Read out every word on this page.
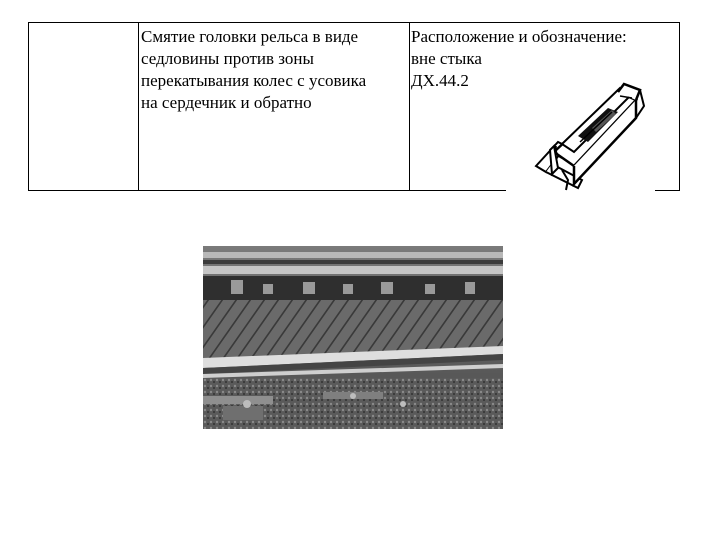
Смятие головки рельса в виде
седловины против зоны
перекатывания колес с усовика
на сердечник и обратно
Расположение и обозначение:
вне стыка
ДХ.44.2
